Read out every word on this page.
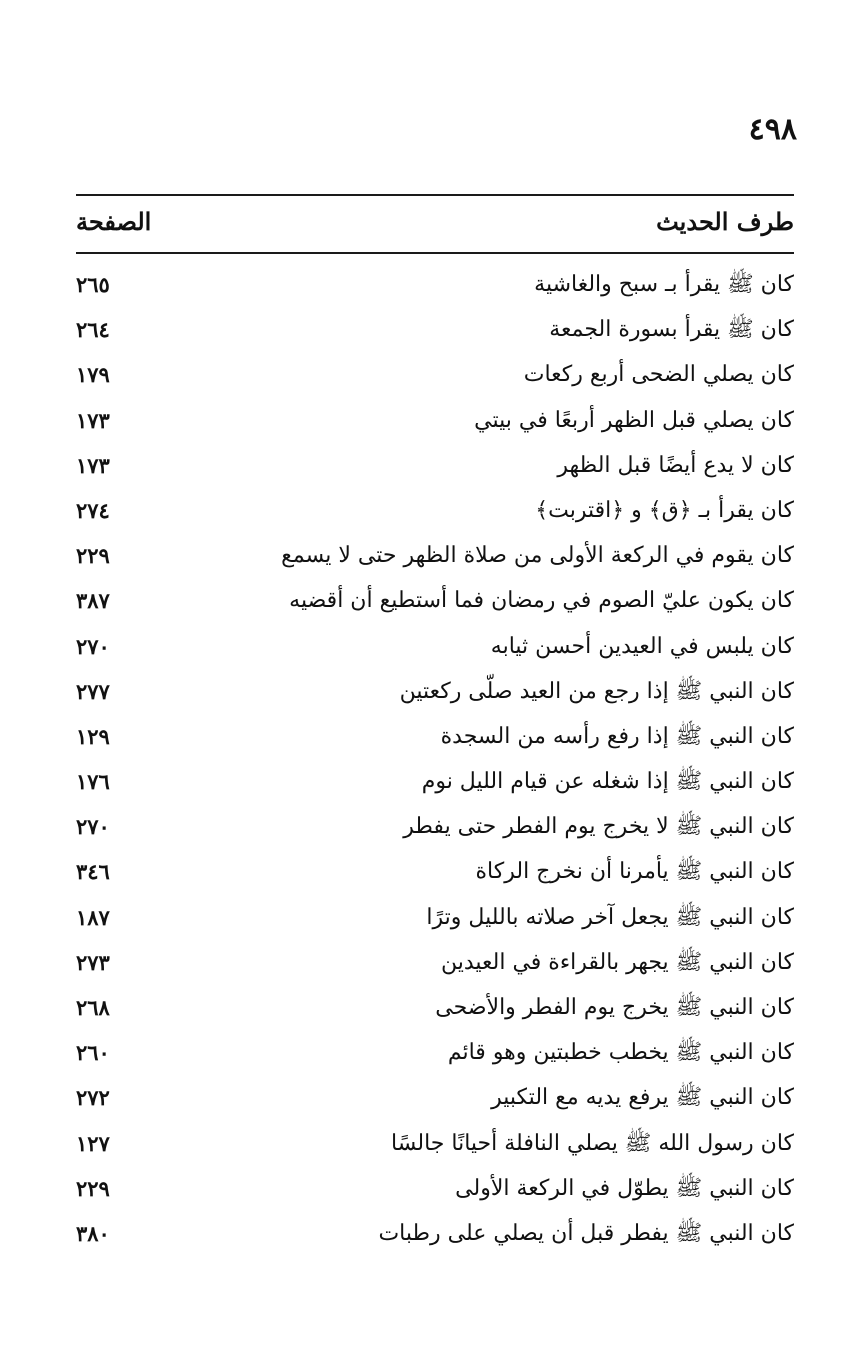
٤٩٨
طرف الحديث
الصفحة
كان ﷺ يقرأ بـ سبح والغاشية
٢٦٥
كان ﷺ يقرأ بسورة الجمعة
٢٦٤
كان يصلي الضحى أربع ركعات
١٧٩
كان يصلي قبل الظهر أربعًا في بيتي
١٧٣
كان لا يدع أيضًا قبل الظهر
١٧٣
كان يقرأ بـ ﴿ق﴾ و ﴿اقتربت﴾
٢٧٤
كان يقوم في الركعة الأولى من صلاة الظهر حتى لا يسمع
٢٢٩
كان يكون عليّ الصوم في رمضان فما أستطيع أن أقضيه
٣٨٧
كان يلبس في العيدين أحسن ثيابه
٢٧٠
كان النبي ﷺ إذا رجع من العيد صلّى ركعتين
٢٧٧
كان النبي ﷺ إذا رفع رأسه من السجدة
١٢٩
كان النبي ﷺ إذا شغله عن قيام الليل نوم
١٧٦
كان النبي ﷺ لا يخرج يوم الفطر حتى يفطر
٢٧٠
كان النبي ﷺ يأمرنا أن نخرج الركاة
٣٤٦
كان النبي ﷺ يجعل آخر صلاته بالليل وترًا
١٨٧
كان النبي ﷺ يجهر بالقراءة في العيدين
٢٧٣
كان النبي ﷺ يخرج يوم الفطر والأضحى
٢٦٨
كان النبي ﷺ يخطب خطبتين وهو قائم
٢٦٠
كان النبي ﷺ يرفع يديه مع التكبير
٢٧٢
كان رسول الله ﷺ يصلي النافلة أحيانًا جالسًا
١٢٧
كان النبي ﷺ يطوّل في الركعة الأولى
٢٢٩
كان النبي ﷺ يفطر قبل أن يصلي على رطبات
٣٨٠
